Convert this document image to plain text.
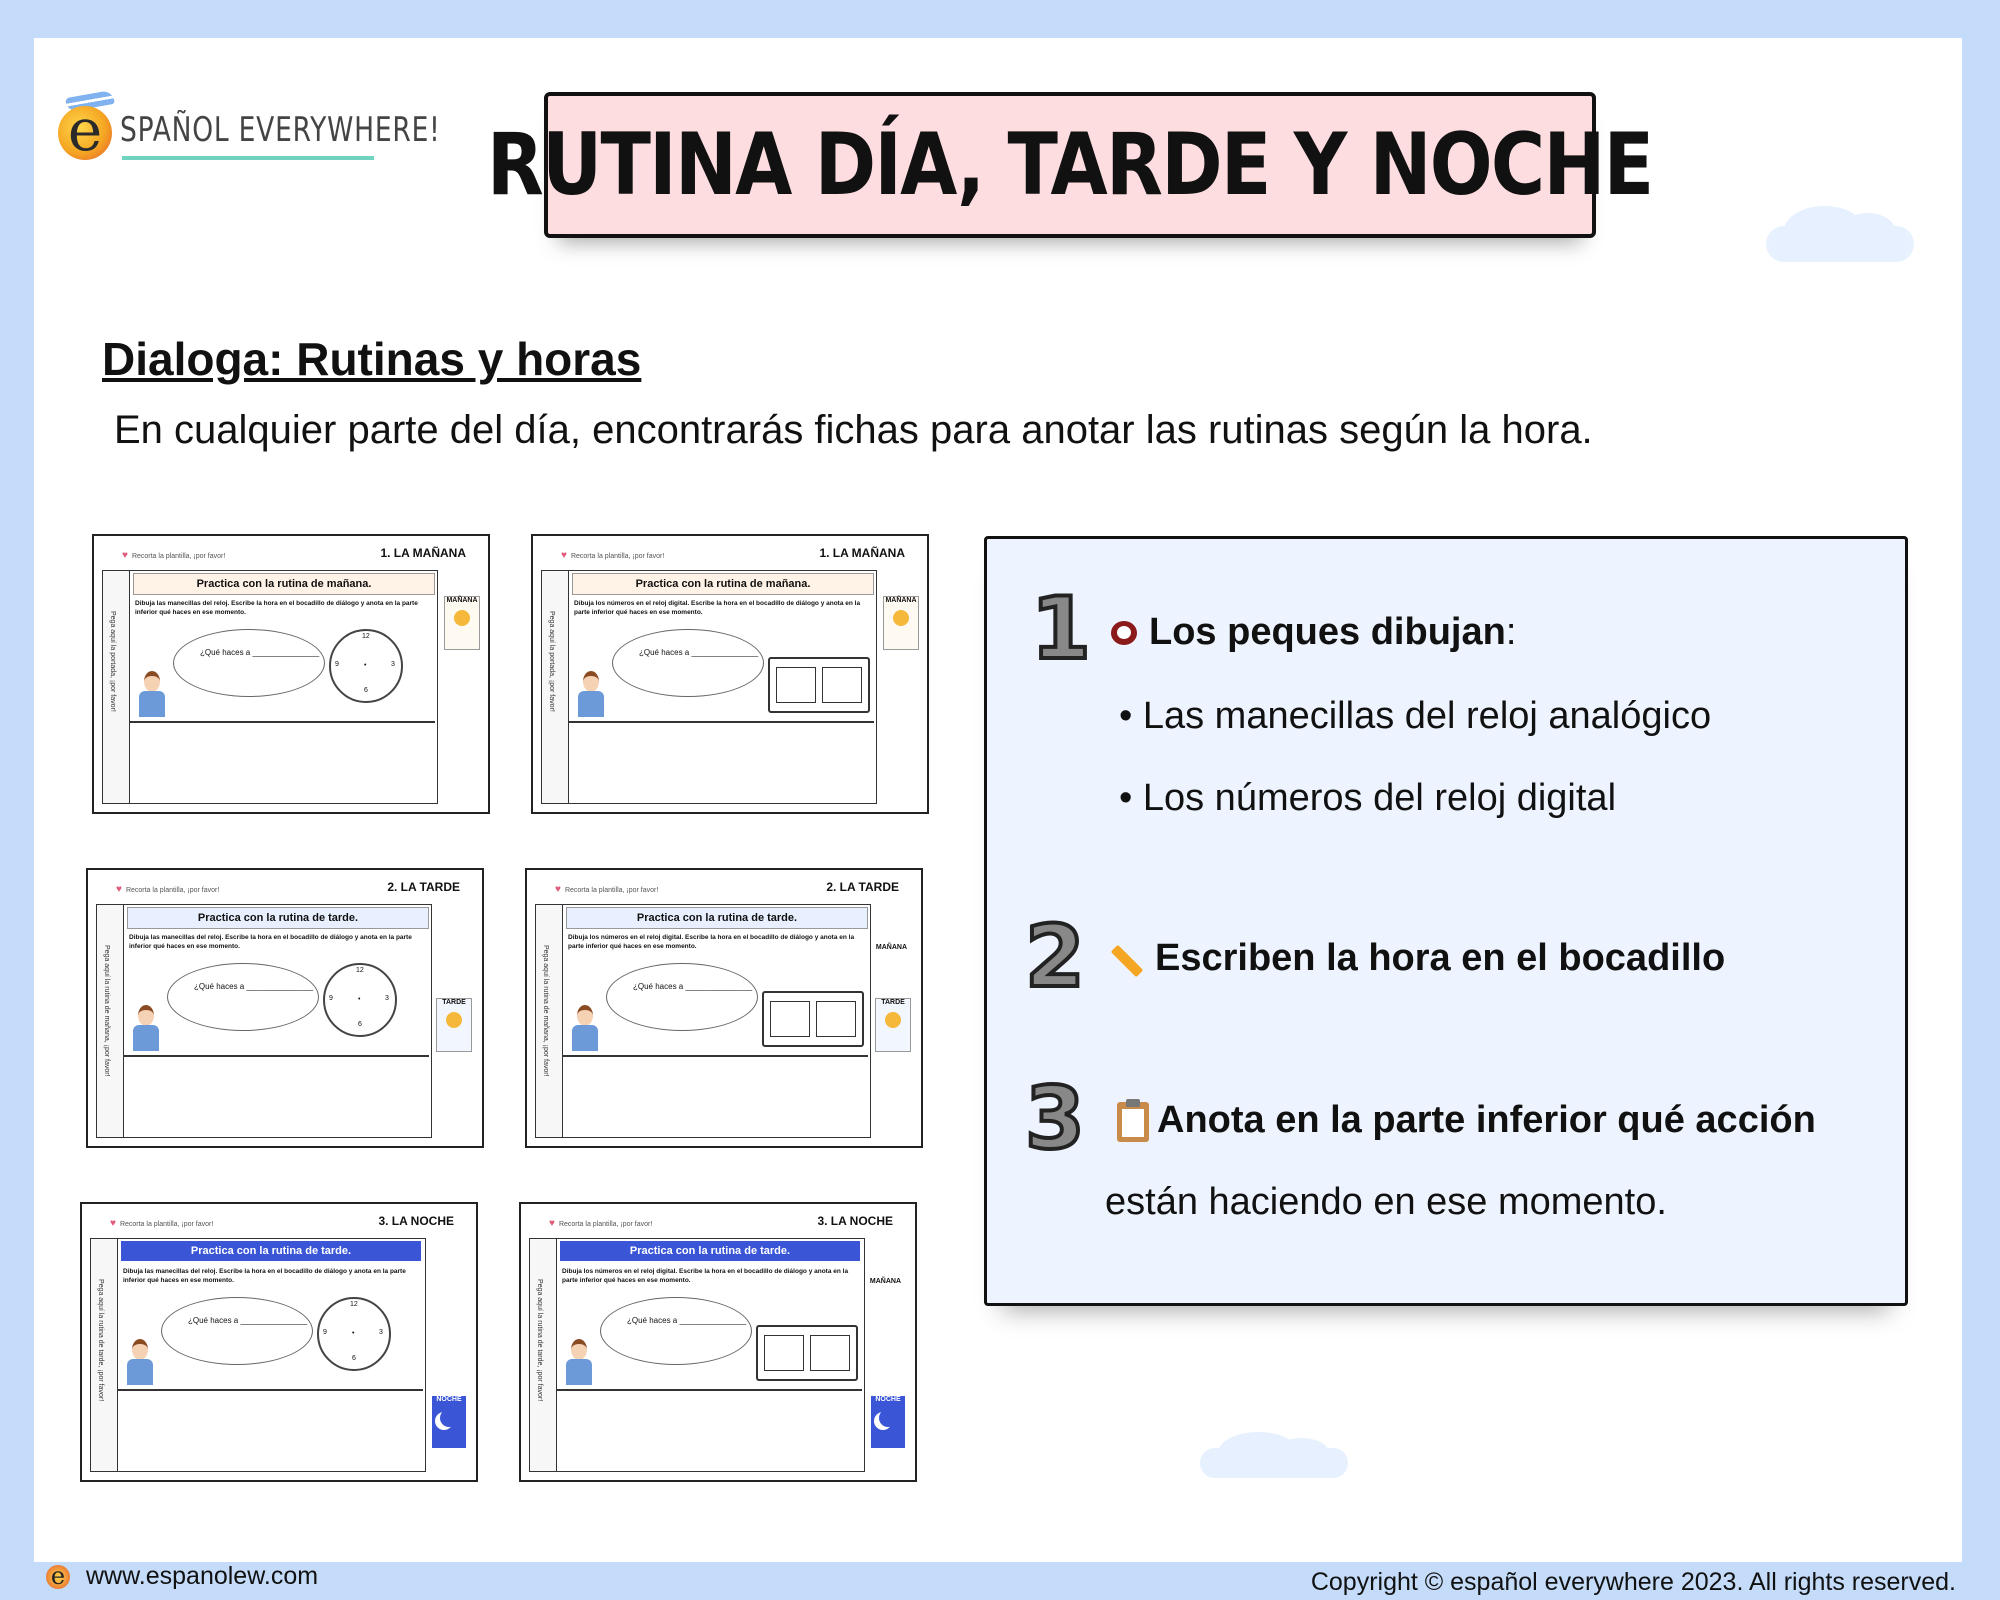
e SPAÑOL EVERYWHERE! RUTINA DÍA, TARDE Y NOCHE
Dialoga: Rutinas y horas

En cualquier parte del día, encontrarás fichas para anotar las rutinas según la hora.

♥ Recorta la plantilla, ¡por favor!	1. LA MAÑANA
Pega aquí la portada, ¡por favor!
Practica con la rutina de mañana.
Dibuja las manecillas del reloj. Escribe la hora en el bocadillo de diálogo y anota en la parte inferior qué haces en ese momento.
¿Qué haces a _______________
12
3
6
9	•
MAÑANA
♥ Recorta la plantilla, ¡por favor!	1. LA MAÑANA
Pega aquí la portada, ¡por favor!
Practica con la rutina de mañana.
Dibuja los números en el reloj digital. Escribe la hora en el bocadillo de diálogo y anota en la parte inferior qué haces en ese momento.
¿Qué haces a _______________
MAÑANA
♥ Recorta la plantilla, ¡por favor!	2. LA TARDE
Pega aquí la rutina de mañana, ¡por favor!
Practica con la rutina de tarde.
Dibuja las manecillas del reloj. Escribe la hora en el bocadillo de diálogo y anota en la parte inferior qué haces en ese momento.
¿Qué haces a _______________
12
3
6
9	•	TARDE
♥ Recorta la plantilla, ¡por favor!	2. LA TARDE
Pega aquí la rutina de mañana, ¡por favor!
Practica con la rutina de tarde.
Dibuja los números en el reloj digital. Escribe la hora en el bocadillo de diálogo y anota en la parte inferior qué haces en ese momento.
¿Qué haces a _______________
MAÑANA
TARDE
♥ Recorta la plantilla, ¡por favor!	3. LA NOCHE
Pega aquí la rutina de tarde, ¡por favor!
Practica con la rutina de tarde.
Dibuja las manecillas del reloj. Escribe la hora en el bocadillo de diálogo y anota en la parte inferior qué haces en ese momento.
¿Qué haces a _______________
12
3
6
9	•
NOCHE
♥ Recorta la plantilla, ¡por favor!	3. LA NOCHE
Pega aquí la rutina de tarde, ¡por favor!
Practica con la rutina de tarde.
Dibuja los números en el reloj digital. Escribe la hora en el bocadillo de diálogo y anota en la parte inferior qué haces en ese momento.
¿Qué haces a _______________
MAÑANA
NOCHE
1	Los peques dibujan:
• Las manecillas del reloj analógico
• Los números del reloj digital
2	Escriben la hora en el bocadillo
3	Anota en la parte inferior qué acción
están haciendo en ese momento.
e www.espanolew.com	Copyright © español everywhere 2023. All rights reserved.
